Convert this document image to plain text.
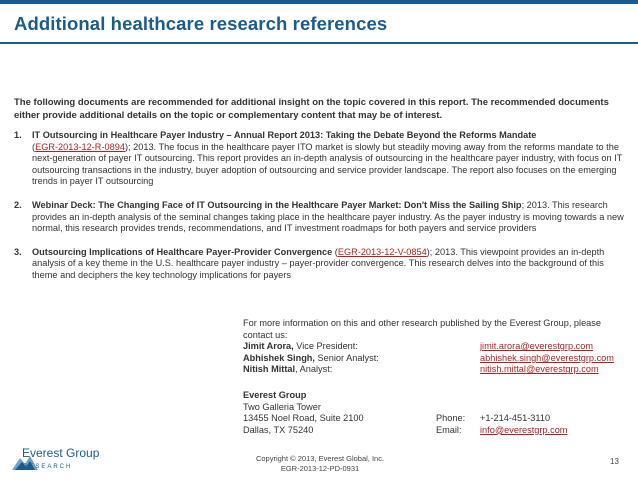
Additional healthcare research references
The following documents are recommended for additional insight on the topic covered in this report. The recommended documents either provide additional details on the topic or complementary content that may be of interest.
1. IT Outsourcing in Healthcare Payer Industry – Annual Report 2013: Taking the Debate Beyond the Reforms Mandate
(EGR-2013-12-R-0894); 2013. The focus in the healthcare payer ITO market is slowly but steadily moving away from the reforms mandate to the next-generation of payer IT outsourcing. This report provides an in-depth analysis of outsourcing in the healthcare payer industry, with focus on IT outsourcing transactions in the industry, buyer adoption of outsourcing and service provider landscape. The report also focuses on the emerging trends in payer IT outsourcing
2. Webinar Deck: The Changing Face of IT Outsourcing in the Healthcare Payer Market: Don't Miss the Sailing Ship; 2013. This research provides an in-depth analysis of the seminal changes taking place in the healthcare payer industry. As the payer industry is moving towards a new normal, this research provides trends, recommendations, and IT investment roadmaps for both payers and service providers
3. Outsourcing Implications of Healthcare Payer-Provider Convergence (EGR-2013-12-V-0854); 2013. This viewpoint provides an in-depth analysis of a key theme in the U.S. healthcare payer industry – payer-provider convergence. This research delves into the background of this theme and deciphers the key technology implications for payers
For more information on this and other research published by the Everest Group, please contact us:
Jimit Arora, Vice President:	jimit.arora@everestgrp.com
Abhishek Singh, Senior Analyst:	abhishek.singh@everestgrp.com
Nitish Mittal, Analyst:	nitish.mittal@everestgrp.com
Everest Group
Two Galleria Tower
13455 Noel Road, Suite 2100	Phone: +1-214-451-3110
Dallas, TX 75240	Email: info@everestgrp.com
Everest Group
RESEARCH
Copyright © 2013, Everest Global, Inc.
EGR-2013-12-PD-0931
13
